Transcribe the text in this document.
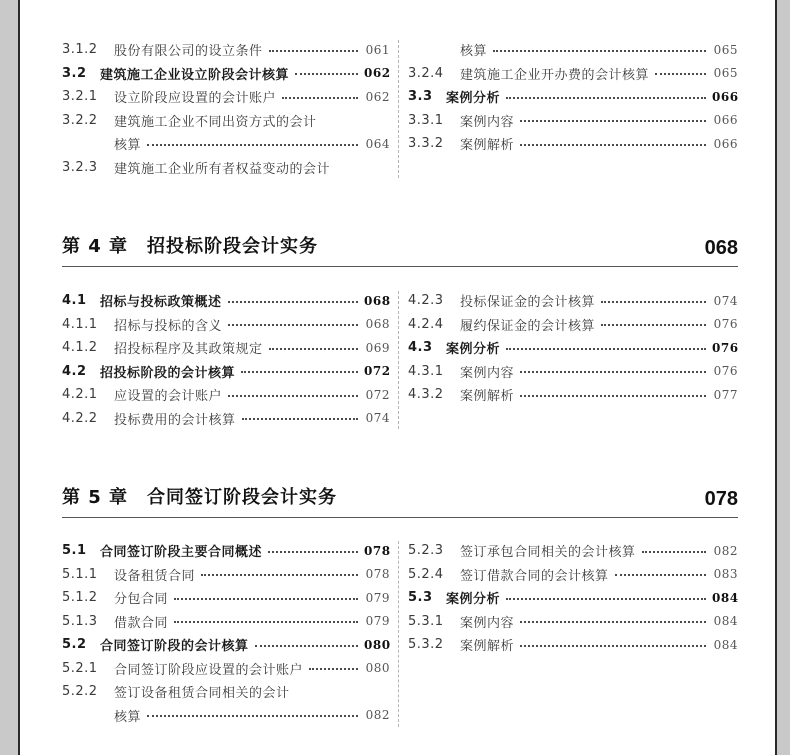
3.1.2	股份有限公司的设立条件	061
3.2	建筑施工企业设立阶段会计核算	062
3.2.1	设立阶段应设置的会计账户	062
3.2.2	建筑施工企业不同出资方式的会计
核算	064
3.2.3	建筑施工企业所有者权益变动的会计
核算	065
3.2.4	建筑施工企业开办费的会计核算	065
3.3	案例分析	066
3.3.1	案例内容	066
3.3.2	案例解析	066
第 4 章　招投标阶段会计实务	068
4.1	招标与投标政策概述	068
4.1.1	招标与投标的含义	068
4.1.2	招投标程序及其政策规定	069
4.2	招投标阶段的会计核算	072
4.2.1	应设置的会计账户	072
4.2.2	投标费用的会计核算	074
4.2.3	投标保证金的会计核算	074
4.2.4	履约保证金的会计核算	076
4.3	案例分析	076
4.3.1	案例内容	076
4.3.2	案例解析	077
第 5 章　合同签订阶段会计实务	078
5.1	合同签订阶段主要合同概述	078
5.1.1	设备租赁合同	078
5.1.2	分包合同	079
5.1.3	借款合同	079
5.2	合同签订阶段的会计核算	080
5.2.1	合同签订阶段应设置的会计账户	080
5.2.2	签订设备租赁合同相关的会计
核算	082
5.2.3	签订承包合同相关的会计核算	082
5.2.4	签订借款合同的会计核算	083
5.3	案例分析	084
5.3.1	案例内容	084
5.3.2	案例解析	084
